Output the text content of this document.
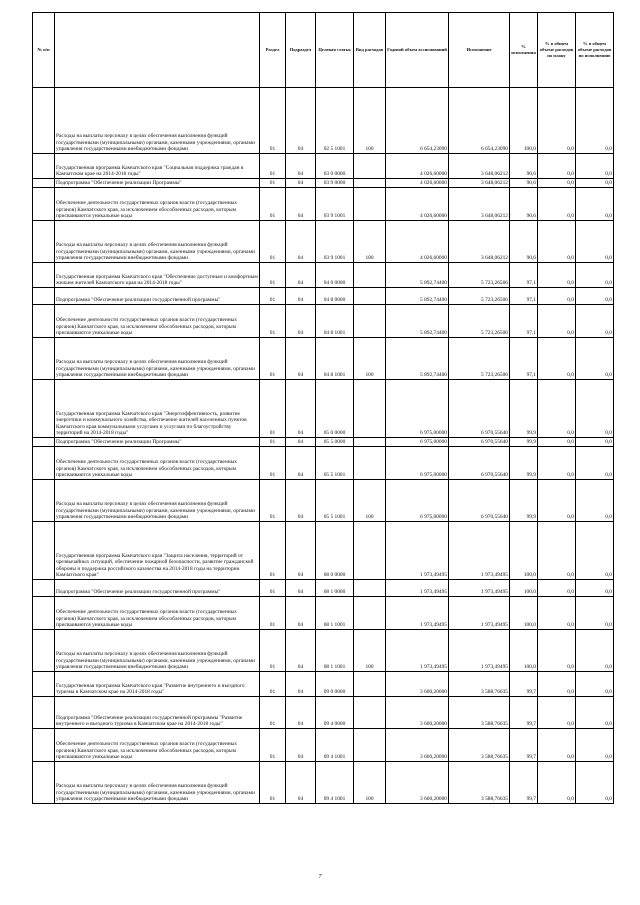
№ п/п		Раздел	Подраздел	Целевая статья	Вид расходов	Годовой объем ассигнований	Исполнение	% исполнения	% в общем объеме расходов по плану	% в общем объеме расходов по исполнению
	Расходы на выплаты персоналу в целях обеспечения выполнения функций государственными (муниципальными) органами, казенными учреждениями, органами управления государственными внебюджетными фондами	01	04	02 5 1001	100	6 654,23090	6 654,23090	100,0	0,0	0,0
	Государственная программа Камчатского края "Социальная поддержка граждан в Камчатском крае на 2014-2018 годы"	01	04	03 0 0000		4 026,60000	3 648,06212	90,6	0,0	0,0
	Подпрограмма "Обеспечение реализации Программы"	01	04	03 9 0000		4 026,60000	3 648,06212	90,6	0,0	0,0
	Обеспечение деятельности государственных органов власти (государственных органов) Камчатского края, за исключением обособленных расходов, которым присваиваются уникальные коды	01	04	03 9 1001		4 026,60000	3 648,06212	90,6	0,0	0,0
	Расходы на выплаты персоналу в целях обеспечения выполнения функций государственными (муниципальными) органами, казенными учреждениями, органами управления государственными внебюджетными фондами	01	04	03 9 1001	100	4 026,60000	3 648,06212	90,6	0,0	0,0
	Государственная программа Камчатского края "Обеспечение доступным и комфортным жильем жителей Камчатского края на 2014-2018 годы"	01	04	04 0 0000		5 892,74400	5 723,26506	97,1	0,0	0,0
	Подпрограмма "Обеспечение реализации государственной программы"	01	04	04 8 0000		5 892,74400	5 723,26506	97,1	0,0	0,0
	Обеспечение деятельности государственных органов власти (государственных органов) Камчатского края, за исключением обособленных расходов, которым присваиваются уникальные коды	01	04	04 8 1001		5 892,74400	5 723,26506	97,1	0,0	0,0
	Расходы на выплаты персоналу в целях обеспечения выполнения функций государственными (муниципальными) органами, казенными учреждениями, органами управления государственными внебюджетными фондами	01	04	04 8 1001	100	5 892,74400	5 723,26506	97,1	0,0	0,0
	Государственная программа Камчатского края "Энергоэффективность, развитие энергетики и коммунального хозяйства, обеспечение жителей населенных пунктов Камчатского края коммунальными услугами и услугами по благоустройству территорий на 2014-2018 годы"	01	04	05 0 0000		6 975,00000	6 970,55640	99,9	0,0	0,0
	Подпрограмма "Обеспечение реализации Программы"	01	04	05 5 0000		6 975,00000	6 970,55640	99,9	0,0	0,0
	Обеспечение деятельности государственных органов власти (государственных органов) Камчатского края, за исключением обособленных расходов, которым присваиваются уникальные коды	01	04	05 5 1001		6 975,00000	6 970,55640	99,9	0,0	0,0
	Расходы на выплаты персоналу в целях обеспечения выполнения функций государственными (муниципальными) органами, казенными учреждениями, органами управления государственными внебюджетными фондами	01	04	05 5 1001	100	6 975,00000	6 970,55640	99,9	0,0	0,0
	Государственная программа Камчатского края "Защита населения, территорий от чрезвычайных ситуаций, обеспечение пожарной безопасности, развитие гражданской обороны и поддержка российского казачества на 2014-2018 годы на территории Камчатского края"	01	04	08 0 0000		1 973,49495	1 973,49495	100,0	0,0	0,0
	Подпрограмма "Обеспечение реализации государственной программы"	01	04	08 1 0000		1 973,49495	1 973,49495	100,0	0,0	0,0
	Обеспечение деятельности государственных органов власти (государственных органов) Камчатского края, за исключением обособленных расходов, которым присваиваются уникальные коды	01	04	08 1 1001		1 973,49495	1 973,49495	100,0	0,0	0,0
	Расходы на выплаты персоналу в целях обеспечения выполнения функций государственными (муниципальными) органами, казенными учреждениями, органами управления государственными внебюджетными фондами	01	04	08 1 1001	100	1 973,49495	1 973,49495	100,0	0,0	0,0
	Государственная программа Камчатского края "Развитие внутреннего и въездного туризма в Камчатском крае на 2014-2018 годы"	01	04	09 0 0000		3 600,20000	3 588,76635	99,7	0,0	0,0
	Подпрограмма "Обеспечение реализации государственной программы "Развитие внутреннего и въездного туризма в Камчатском крае на 2014-2018 годы"	01	04	09 4 0000		3 600,20000	3 588,76635	99,7	0,0	0,0
	Обеспечение деятельности государственных органов власти (государственных органов) Камчатского края, за исключением обособленных расходов, которым присваиваются уникальные коды	01	04	09 4 1001		3 600,20000	3 588,76635	99,7	0,0	0,0
	Расходы на выплаты персоналу в целях обеспечения выполнения функций государственными (муниципальными) органами, казенными учреждениями, органами управления государственными внебюджетными фондами	01	04	09 4 1001	100	3 600,20000	3 588,76635	99,7	0,0	0,0
7
